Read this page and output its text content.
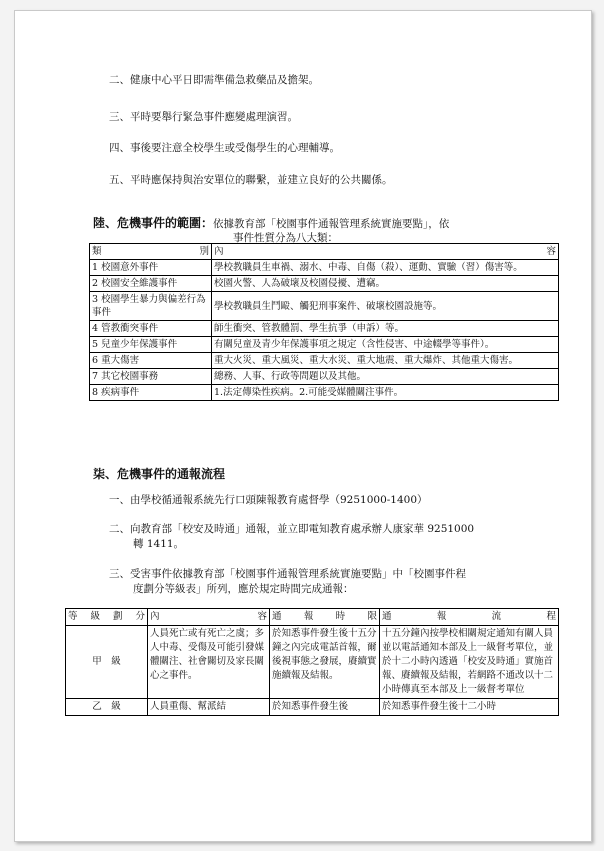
二、健康中心平日即需準備急救藥品及擔架。
三、平時要舉行緊急事件應變處理演習。
四、事後要注意全校學生或受傷學生的心理輔導。
五、平時應保持與治安單位的聯繫，並建立良好的公共關係。
陸、危機事件的範圍：依據教育部「校園事件通報管理系統實施要點」，依
事件性質分為八大類：
類 別	內 容

1 校園意外事件	學校教職員生車禍、溺水、中毒、自傷（殺）、運動、實驗（習）傷害等。
2 校園安全維護事件	校園火警、人為破壞及校園侵擾、遭竊。
3 校園學生暴力與偏差行為事件	學校教職員生鬥毆、觸犯刑事案件、破壞校園設施等。
4 管教衝突事件	師生衝突、管教體罰、學生抗爭（申訴）等。
5 兒童少年保護事件	有關兒童及青少年保護事項之規定（含性侵害、中途輟學等事件）。
6 重大傷害	重大火災、重大風災、重大水災、重大地震、重大爆炸、其他重大傷害。
7 其它校園事務	總務、人事、行政等問題以及其他。
8 疾病事件	1.法定傳染性疾病。2.可能受媒體關注事件。
柒、危機事件的通報流程
一、由學校循通報系統先行口頭陳報教育處督學（9251000-1400）
二、向教育部「校安及時通」通報，並立即電知教育處承辦人康家華 9251000
轉 1411。
三、受害事件依據教育部「校園事件通報管理系統實施要點」中「校園事件程
度劃分等級表」所列，應於規定時間完成通報：
等 級 劃 分	內 容	通 報 時 限	通 報 流 程

甲　級	人員死亡或有死亡之虞；多人中毒、受傷及可能引發媒體關注、社會關切及家長關心之事件。	於知悉事件發生後十五分鐘之內完成電話首報，爾後視事態之發展，賡續實施續報及結報。	十五分鐘內按學校相關規定通知有關人員並以電話通知本部及上一級督考單位，並於十二小時內透過「校安及時通」實施首報、賡續報及結報，若網路不通改以十二小時傳真至本部及上一級督考單位
乙　級	人員重傷、幫派結	於知悉事件發生後	於知悉事件發生後十二小時
